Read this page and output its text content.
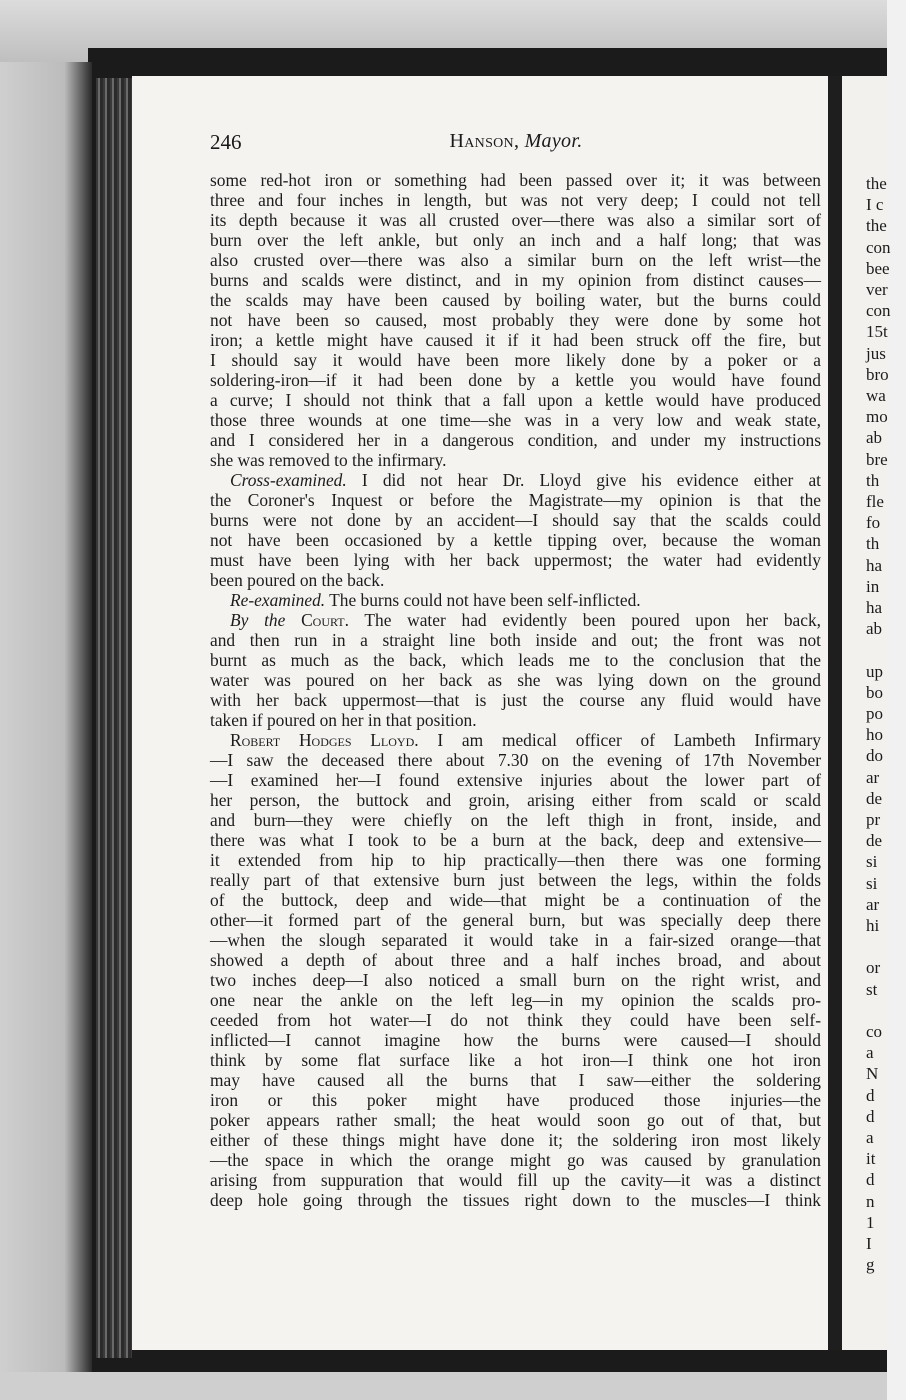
246	Hanson, Mayor.
some red-hot iron or something had been passed over it; it was between
three and four inches in length, but was not very deep; I could not tell
its depth because it was all crusted over—there was also a similar sort of
burn over the left ankle, but only an inch and a half long; that was
also crusted over—there was also a similar burn on the left wrist—the
burns and scalds were distinct, and in my opinion from distinct causes—
the scalds may have been caused by boiling water, but the burns could
not have been so caused, most probably they were done by some hot
iron; a kettle might have caused it if it had been struck off the fire, but
I should say it would have been more likely done by a poker or a
soldering-iron—if it had been done by a kettle you would have found
a curve; I should not think that a fall upon a kettle would have produced
those three wounds at one time—she was in a very low and weak state,
and I considered her in a dangerous condition, and under my instructions
she was removed to the infirmary.
Cross-examined. I did not hear Dr. Lloyd give his evidence either at
the Coroner's Inquest or before the Magistrate—my opinion is that the
burns were not done by an accident—I should say that the scalds could
not have been occasioned by a kettle tipping over, because the woman
must have been lying with her back uppermost; the water had evidently
been poured on the back.
Re-examined. The burns could not have been self-inflicted.
By the Court. The water had evidently been poured upon her back,
and then run in a straight line both inside and out; the front was not
burnt as much as the back, which leads me to the conclusion that the
water was poured on her back as she was lying down on the ground
with her back uppermost—that is just the course any fluid would have
taken if poured on her in that position.
Robert Hodges Lloyd. I am medical officer of Lambeth Infirmary
—I saw the deceased there about 7.30 on the evening of 17th November
—I examined her—I found extensive injuries about the lower part of
her person, the buttock and groin, arising either from scald or scald
and burn—they were chiefly on the left thigh in front, inside, and
there was what I took to be a burn at the back, deep and extensive—
it extended from hip to hip practically—then there was one forming
really part of that extensive burn just between the legs, within the folds
of the buttock, deep and wide—that might be a continuation of the
other—it formed part of the general burn, but was specially deep there
—when the slough separated it would take in a fair-sized orange—that
showed a depth of about three and a half inches broad, and about
two inches deep—I also noticed a small burn on the right wrist, and
one near the ankle on the left leg—in my opinion the scalds pro-
ceeded from hot water—I do not think they could have been self-
inflicted—I cannot imagine how the burns were caused—I should
think by some flat surface like a hot iron—I think one hot iron
may have caused all the burns that I saw—either the soldering
iron or this poker might have produced those injuries—the
poker appears rather small; the heat would soon go out of that, but
either of these things might have done it; the soldering iron most likely
—the space in which the orange might go was caused by granulation
arising from suppuration that would fill up the cavity—it was a distinct
deep hole going through the tissues right down to the muscles—I think
the
I c
the
con
bee
ver
con
15t
jus
bro
wa
mo
ab
bre
th
fle
fo
th
ha
in
ha
ab
up
bo
po
ho
do
ar
de
pr
de
si
si
ar
hi
or
st
co
a
N
d
d
a
it
d
n
1
I
g
